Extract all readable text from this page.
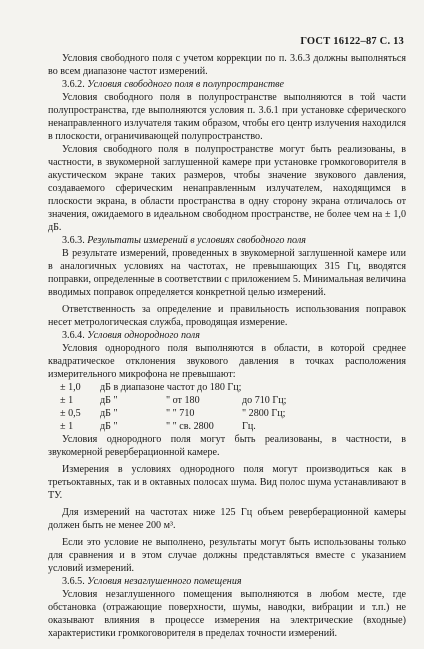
ГОСТ 16122–87 С. 13

Условия свободного поля с учетом коррекции по п. 3.6.3 должны выполняться во всем диапазоне частот измерений.

3.6.2. Условия свободного поля в полупространстве

Условия свободного поля в полупространстве выполняются в той части полупространства, где выполняются условия п. 3.6.1 при установке сферического ненаправленного излучателя таким образом, чтобы его центр излучения находился в плоскости, ограничивающей полупространство.

Условия свободного поля в полупространстве могут быть реализованы, в частности, в звукомерной заглушенной камере при установке громкоговорителя в акустическом экране таких размеров, чтобы значение звукового давления, создаваемого сферическим ненаправленным излучателем, находящимся в плоскости экрана, в области пространства в одну сторону экрана отличалось от значения, ожидаемого в идеальном свободном пространстве, не более чем на ± 1,0 дБ.

3.6.3. Результаты измерений в условиях свободного поля

В результате измерений, проведенных в звукомерной заглушенной камере или в аналогичных условиях на частотах, не превышающих 315 Гц, вводятся поправки, определенные в соответствии с приложением 5. Минимальная величина вводимых поправок определяется конкретной целью измерений.

Ответственность за определение и правильность использования поправок несет метрологическая служба, проводящая измерение.

3.6.4. Условия однородного поля

Условия однородного поля выполняются в области, в которой среднее квадратическое отклонения звукового давления в точках расположения измерительного микрофона не превышают:

± 1,0	дБ в диапазоне частот до 180 Гц;
± 1	дБ "	" от 180	до 710 Гц;
± 0,5	дБ "	" " 710	" 2800 Гц;
± 1	дБ "	" " св. 2800	Гц.

Условия однородного поля могут быть реализованы, в частности, в звукомерной реверберационной камере.

Измерения в условиях однородного поля могут производиться как в третьоктавных, так и в октавных полосах шума. Вид полос шума устанавливают в ТУ.

Для измерений на частотах ниже 125 Гц объем реверберационной камеры должен быть не менее 200 м³.

Если это условие не выполнено, результаты могут быть использованы только для сравнения и в этом случае должны представляться вместе с указанием условий измерений.

3.6.5. Условия незаглушенного помещения

Условия незаглушенного помещения выполняются в любом месте, где обстановка (отражающие поверхности, шумы, наводки, вибрации и т.п.) не оказывают влияния в процессе измерения на электрические (входные) характеристики громкоговорителя в пределах точности измерений.
